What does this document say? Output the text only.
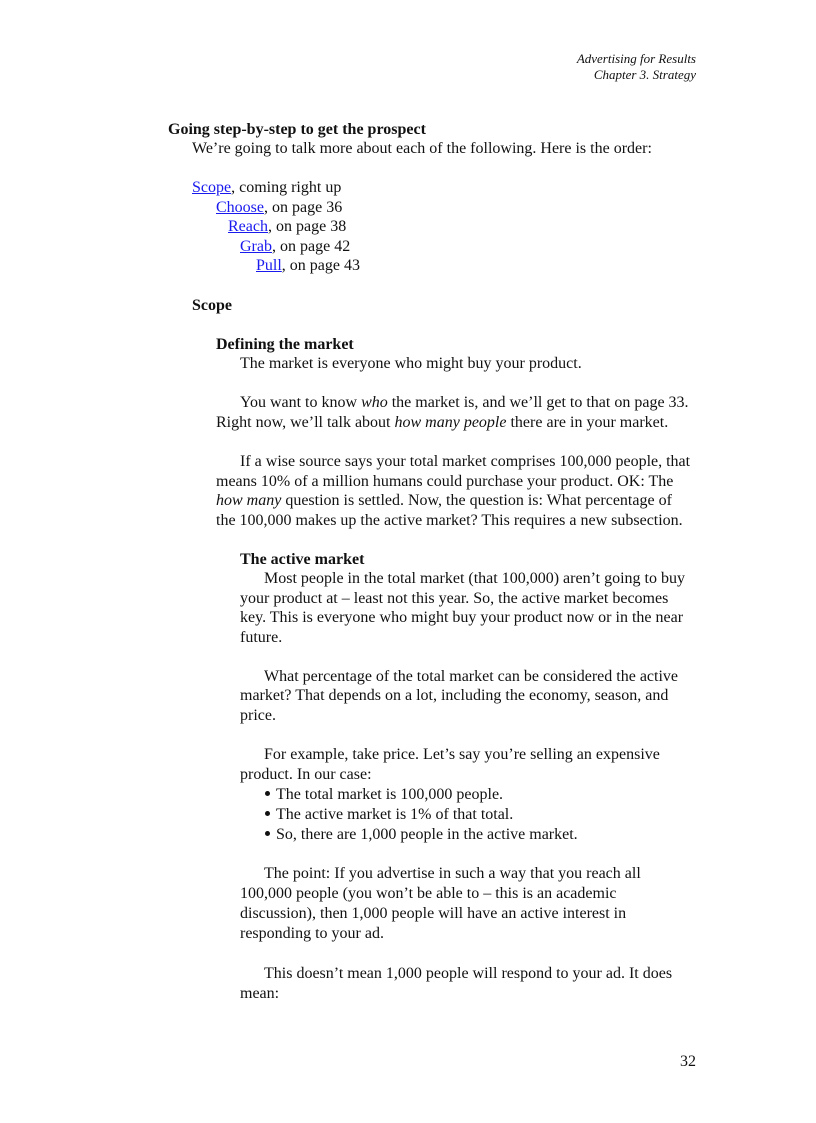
Advertising for Results
Chapter 3. Strategy
Going step-by-step to get the prospect
We’re going to talk more about each of the following. Here is the order:
Scope, coming right up
Choose, on page 36
Reach, on page 38
Grab, on page 42
Pull, on page 43
Scope
Defining the market
The market is everyone who might buy your product.
You want to know who the market is, and we’ll get to that on page 33.
Right now, we’ll talk about how many people there are in your market.
If a wise source says your total market comprises 100,000 people, that
means 10% of a million humans could purchase your product. OK: The
how many question is settled. Now, the question is: What percentage of
the 100,000 makes up the active market? This requires a new subsection.
The active market
Most people in the total market (that 100,000) aren’t going to buy
your product at – least not this year. So, the active market becomes
key. This is everyone who might buy your product now or in the near
future.
What percentage of the total market can be considered the active
market? That depends on a lot, including the economy, season, and
price.
For example, take price. Let’s say you’re selling an expensive
product. In our case:
The total market is 100,000 people.
The active market is 1% of that total.
So, there are 1,000 people in the active market.
The point: If you advertise in such a way that you reach all
100,000 people (you won’t be able to – this is an academic
discussion), then 1,000 people will have an active interest in
responding to your ad.
This doesn’t mean 1,000 people will respond to your ad. It does
mean:
32
